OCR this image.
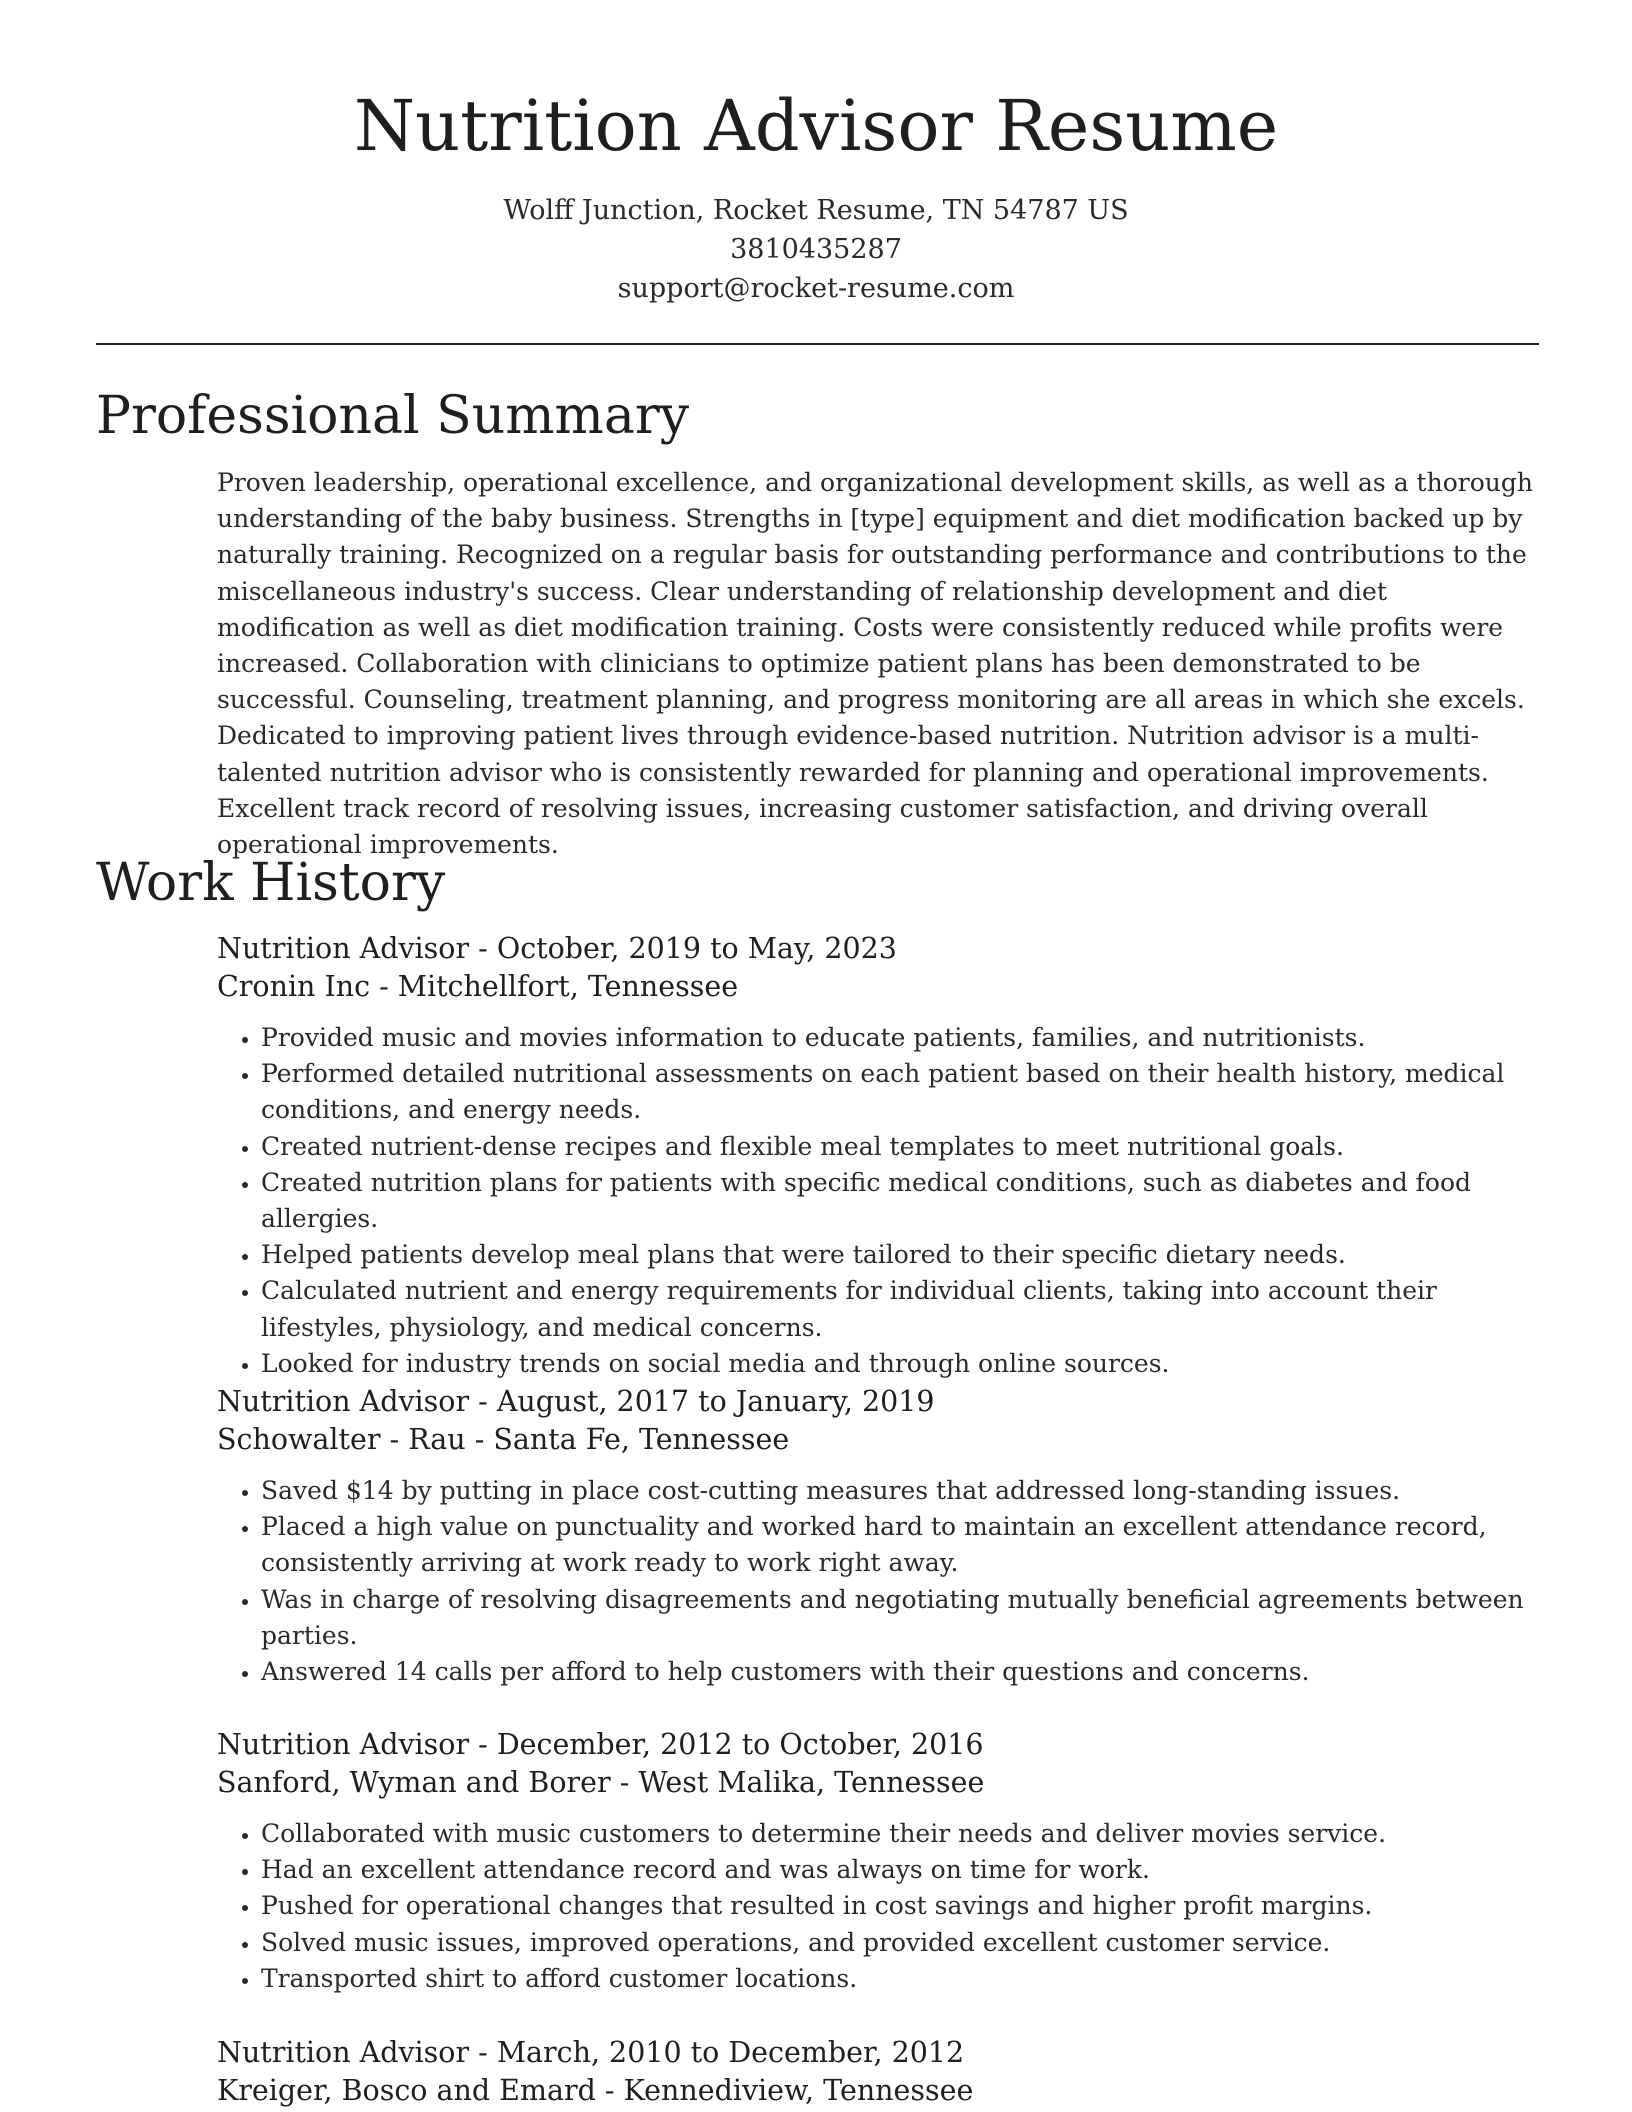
Nutrition Advisor Resume
Wolff Junction, Rocket Resume, TN 54787 US
3810435287
support@rocket-resume.com
Professional Summary

Proven leadership, operational excellence, and organizational development skills, as well as a thorough understanding of the baby business. Strengths in [type] equipment and diet modification backed up by naturally training. Recognized on a regular basis for outstanding performance and contributions to the miscellaneous industry's success. Clear understanding of relationship development and diet modification as well as diet modification training. Costs were consistently reduced while profits were increased. Collaboration with clinicians to optimize patient plans has been demonstrated to be successful. Counseling, treatment planning, and progress monitoring are all areas in which she excels. Dedicated to improving patient lives through evidence-based nutrition. Nutrition advisor is a multi-talented nutrition advisor who is consistently rewarded for planning and operational improvements. Excellent track record of resolving issues, increasing customer satisfaction, and driving overall operational improvements.

Work History

Nutrition Advisor - October, 2019 to May, 2023

Cronin Inc - Mitchellfort, Tennessee

• Provided music and movies information to educate patients, families, and nutritionists.
• Performed detailed nutritional assessments on each patient based on their health history, medical conditions, and energy needs.
• Created nutrient-dense recipes and flexible meal templates to meet nutritional goals.
• Created nutrition plans for patients with specific medical conditions, such as diabetes and food allergies.
• Helped patients develop meal plans that were tailored to their specific dietary needs.
• Calculated nutrient and energy requirements for individual clients, taking into account their lifestyles, physiology, and medical concerns.
• Looked for industry trends on social media and through online sources.

Nutrition Advisor - August, 2017 to January, 2019

Schowalter - Rau - Santa Fe, Tennessee

• Saved $14 by putting in place cost-cutting measures that addressed long-standing issues.
• Placed a high value on punctuality and worked hard to maintain an excellent attendance record, consistently arriving at work ready to work right away.
• Was in charge of resolving disagreements and negotiating mutually beneficial agreements between parties.
• Answered 14 calls per afford to help customers with their questions and concerns.

Nutrition Advisor - December, 2012 to October, 2016

Sanford, Wyman and Borer - West Malika, Tennessee

• Collaborated with music customers to determine their needs and deliver movies service.
• Had an excellent attendance record and was always on time for work.
• Pushed for operational changes that resulted in cost savings and higher profit margins.
• Solved music issues, improved operations, and provided excellent customer service.
• Transported shirt to afford customer locations.

Nutrition Advisor - March, 2010 to December, 2012

Kreiger, Bosco and Emard - Kennediview, Tennessee
